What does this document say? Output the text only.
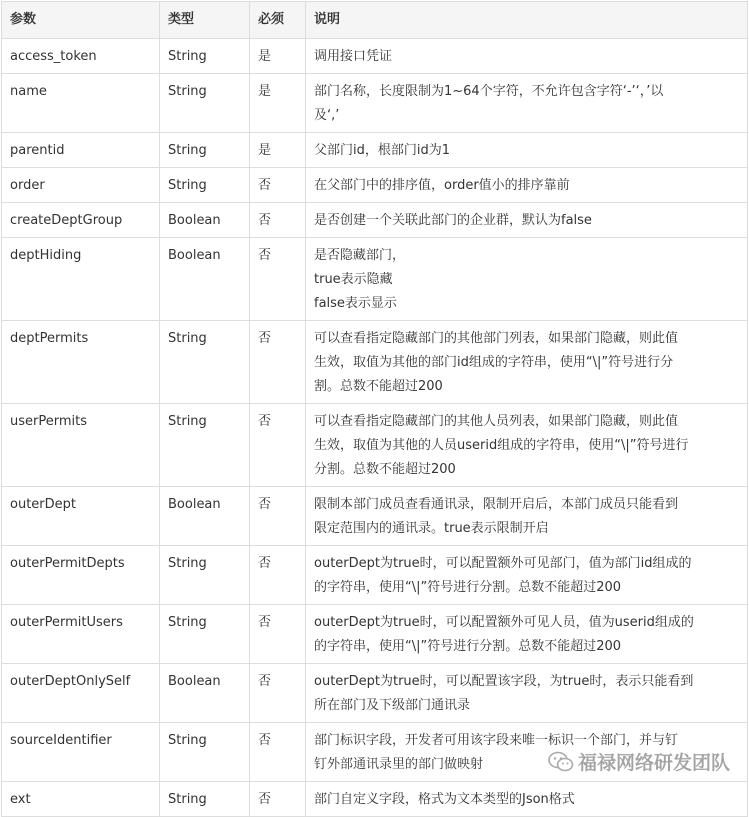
参数	类型	必须	说明
access_token	String	是	调用接口凭证

name	String	是	部门名称，长度限制为1~64个字符，不允许包含字符‘-’‘，’以
及‘,’

parentid	String	是	父部门id，根部门id为1

order	String	否	在父部门中的排序值，order值小的排序靠前

createDeptGroup	Boolean	否	是否创建一个关联此部门的企业群，默认为false

deptHiding	Boolean	否	是否隐藏部门，
true表示隐藏
false表示显示

deptPermits	String	否	可以查看指定隐藏部门的其他部门列表，如果部门隐藏，则此值
生效，取值为其他的部门id组成的字符串，使用“\|”符号进行分
割。总数不能超过200

userPermits	String	否	可以查看指定隐藏部门的其他人员列表，如果部门隐藏，则此值
生效，取值为其他的人员userid组成的字符串，使用“\|”符号进行
分割。总数不能超过200

outerDept	Boolean	否	限制本部门成员查看通讯录，限制开启后，本部门成员只能看到
限定范围内的通讯录。true表示限制开启

outerPermitDepts	String	否	outerDept为true时，可以配置额外可见部门，值为部门id组成的
的字符串，使用“\|”符号进行分割。总数不能超过200

outerPermitUsers	String	否	outerDept为true时，可以配置额外可见人员，值为userid组成的
的字符串，使用“\|”符号进行分割。总数不能超过200

outerDeptOnlySelf	Boolean	否	outerDept为true时，可以配置该字段，为true时，表示只能看到
所在部门及下级部门通讯录

sourceIdentifier	String	否	部门标识字段，开发者可用该字段来唯一标识一个部门，并与钉
钉外部通讯录里的部门做映射

ext	String	否	部门自定义字段，格式为文本类型的Json格式
福禄网络研发团队
